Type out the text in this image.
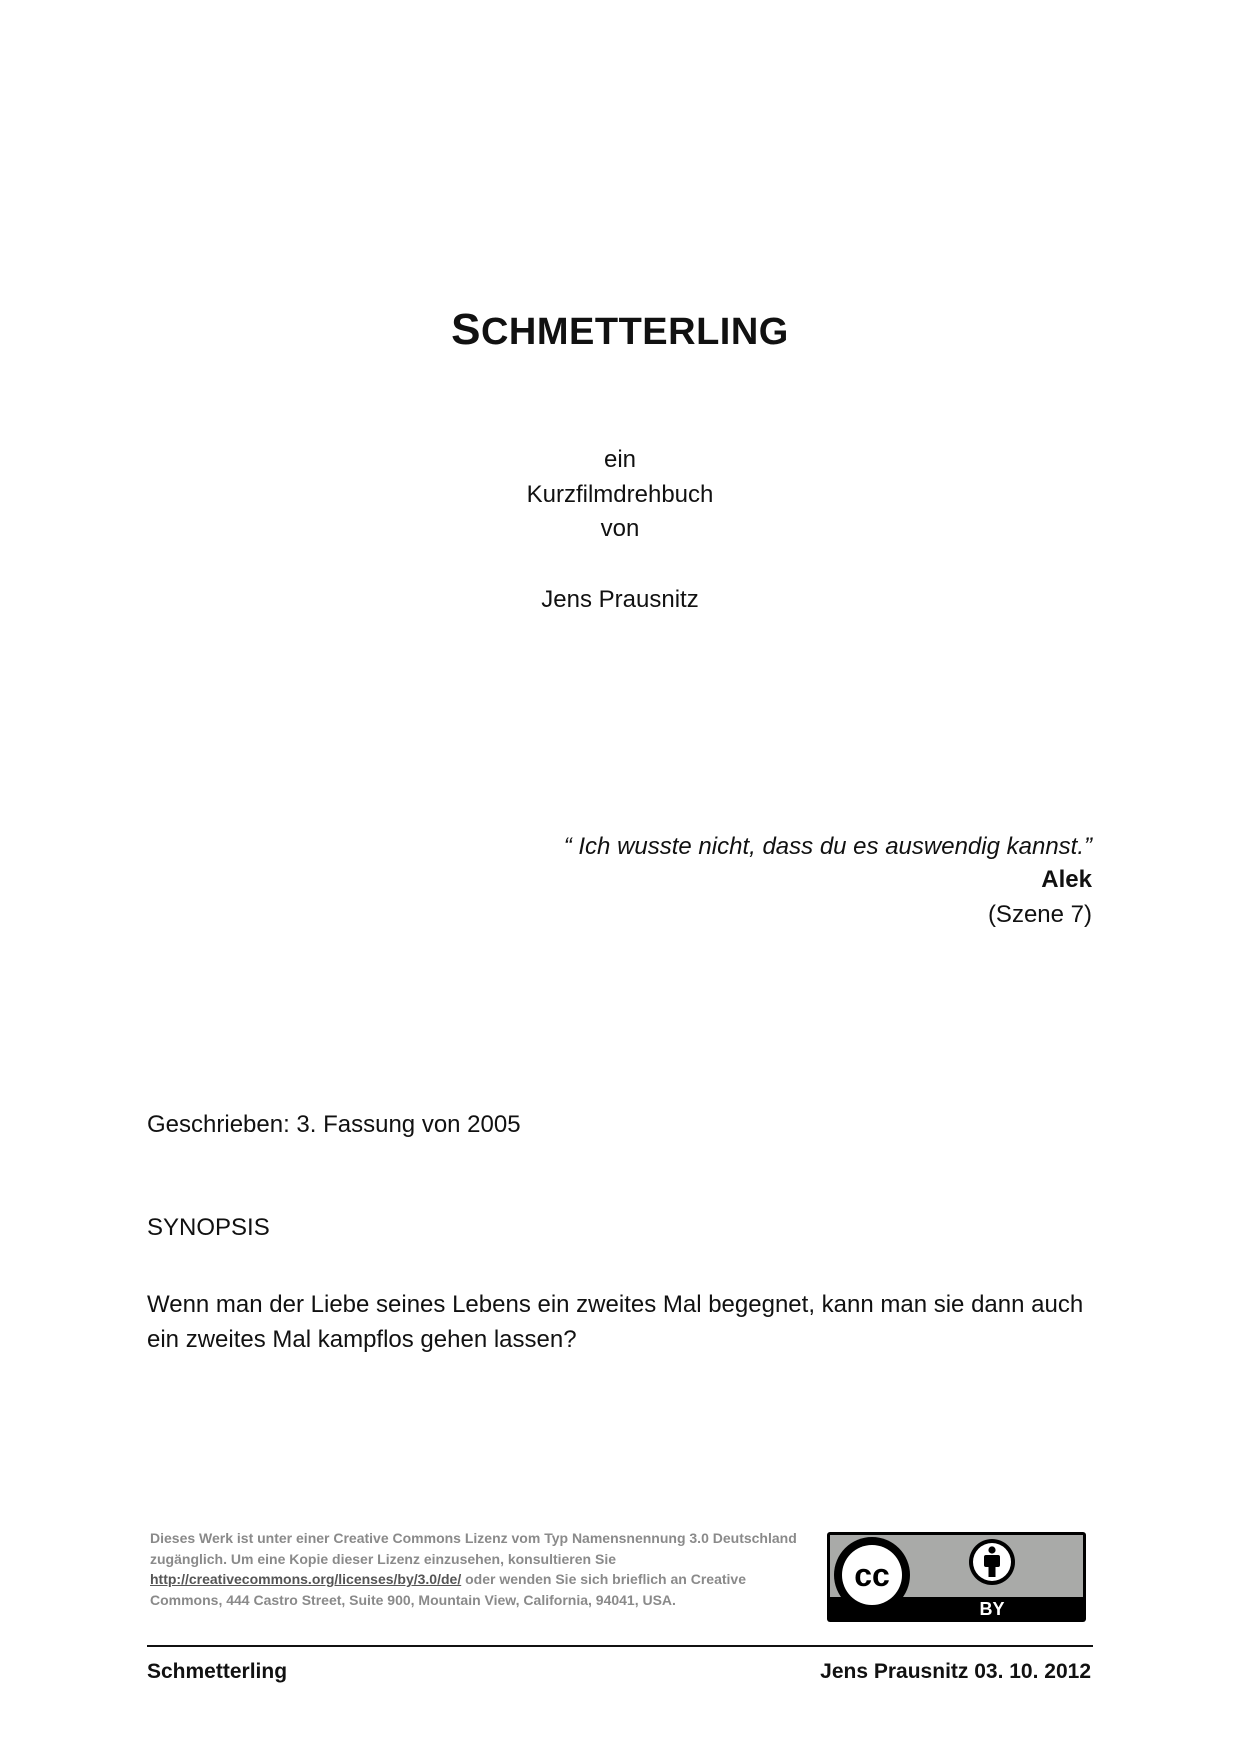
SCHMETTERLING
ein
Kurzfilmdrehbuch
von
Jens Prausnitz
“ Ich wusste nicht, dass du es auswendig kannst.”
Alek
(Szene 7)
Geschrieben: 3. Fassung von 2005
SYNOPSIS
Wenn man der Liebe seines Lebens ein zweites Mal begegnet, kann man sie dann auch ein zweites Mal kampflos gehen lassen?
Dieses Werk ist unter einer Creative Commons Lizenz vom Typ Namensnennung 3.0 Deutschland zugänglich. Um eine Kopie dieser Lizenz einzusehen, konsultieren Sie http://creativecommons.org/licenses/by/3.0/de/ oder wenden Sie sich brieflich an Creative Commons, 444 Castro Street, Suite 900, Mountain View, California, 94041, USA.
cc
BY
Schmetterling	Jens Prausnitz 03. 10. 2012
